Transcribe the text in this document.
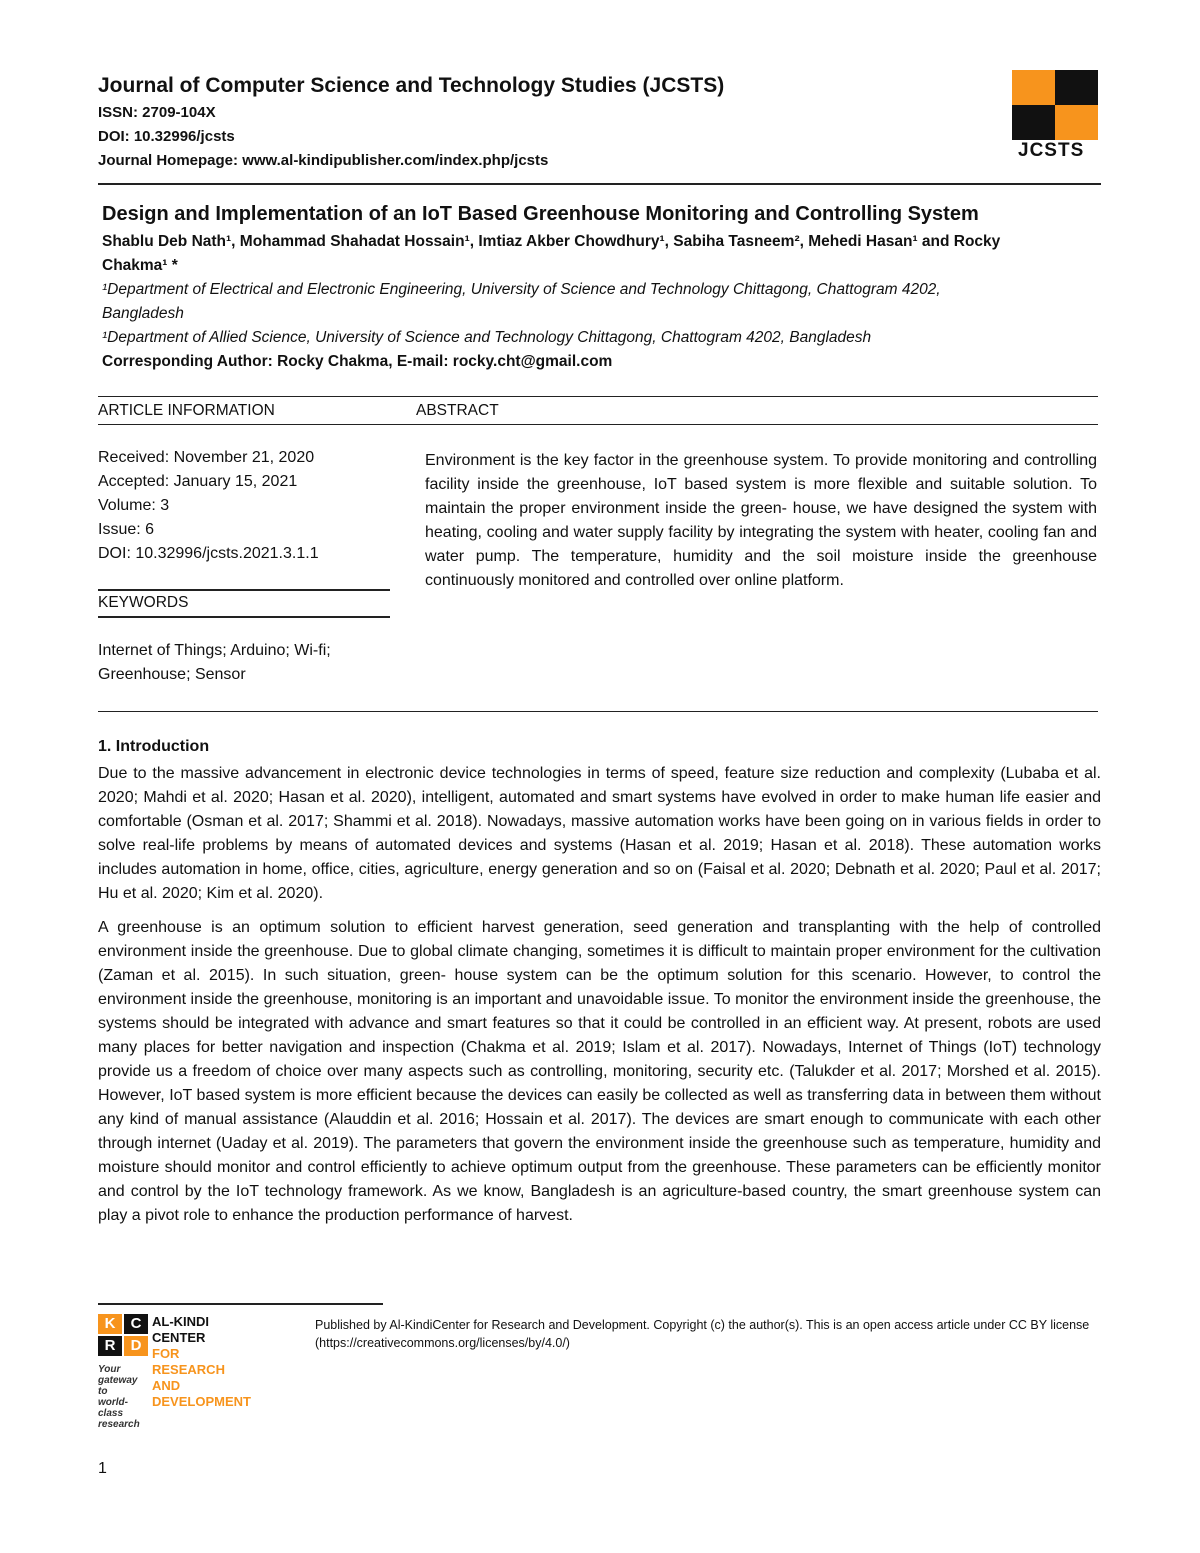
Journal of Computer Science and Technology Studies (JCSTS)
ISSN: 2709-104X
DOI: 10.32996/jcsts
Journal Homepage: www.al-kindipublisher.com/index.php/jcsts	JCSTS
Design and Implementation of an IoT Based Greenhouse Monitoring and Controlling System
Shablu Deb Nath¹, Mohammad Shahadat Hossain¹, Imtiaz Akber Chowdhury¹, Sabiha Tasneem², Mehedi Hasan¹ and Rocky
Chakma¹ *
¹Department of Electrical and Electronic Engineering, University of Science and Technology Chittagong, Chattogram 4202,
Bangladesh
¹Department of Allied Science, University of Science and Technology Chittagong, Chattogram 4202, Bangladesh
Corresponding Author: Rocky Chakma, E-mail: rocky.cht@gmail.com
ARTICLE INFORMATION	ABSTRACT
Received: November 21, 2020
Accepted: January 15, 2021
Volume: 3
Issue: 6
DOI: 10.32996/jcsts.2021.3.1.1
KEYWORDS
Internet of Things; Arduino; Wi-fi;
Greenhouse; Sensor
Environment is the key factor in the greenhouse system. To provide monitoring and controlling facility inside the greenhouse, IoT based system is more flexible and suitable solution. To maintain the proper environment inside the green- house, we have designed the system with heating, cooling and water supply facility by integrating the system with heater, cooling fan and water pump. The temperature, humidity and the soil moisture inside the greenhouse continuously monitored and controlled over online platform.
1. Introduction
Due to the massive advancement in electronic device technologies in terms of speed, feature size reduction and complexity (Lubaba et al. 2020; Mahdi et al. 2020; Hasan et al. 2020), intelligent, automated and smart systems have evolved in order to make human life easier and comfortable (Osman et al. 2017; Shammi et al. 2018). Nowadays, massive automation works have been going on in various fields in order to solve real-life problems by means of automated devices and systems (Hasan et al. 2019; Hasan et al. 2018). These automation works includes automation in home, office, cities, agriculture, energy generation and so on (Faisal et al. 2020; Debnath et al. 2020; Paul et al. 2017; Hu et al. 2020; Kim et al. 2020).
A greenhouse is an optimum solution to efficient harvest generation, seed generation and transplanting with the help of controlled environment inside the greenhouse. Due to global climate changing, sometimes it is difficult to maintain proper environment for the cultivation (Zaman et al. 2015). In such situation, green- house system can be the optimum solution for this scenario. However, to control the environment inside the greenhouse, monitoring is an important and unavoidable issue. To monitor the environment inside the greenhouse, the systems should be integrated with advance and smart features so that it could be controlled in an efficient way. At present, robots are used many places for better navigation and inspection (Chakma et al. 2019; Islam et al. 2017). Nowadays, Internet of Things (IoT) technology provide us a freedom of choice over many aspects such as controlling, monitoring, security etc. (Talukder et al. 2017; Morshed et al. 2015). However, IoT based system is more efficient because the devices can easily be collected as well as transferring data in between them without any kind of manual assistance (Alauddin et al. 2016; Hossain et al. 2017). The devices are smart enough to communicate with each other through internet (Uaday et al. 2019). The parameters that govern the environment inside the greenhouse such as temperature, humidity and moisture should monitor and control efficiently to achieve optimum output from the greenhouse. These parameters can be efficiently monitor and control by the IoT technology framework. As we know, Bangladesh is an agriculture-based country, the smart greenhouse system can play a pivot role to enhance the production performance of harvest.
K	C
R	D
AL-KINDI CENTER
FOR RESEARCH AND
DEVELOPMENT
Your gateway to world-class research
Published by Al-KindiCenter for Research and Development. Copyright (c) the author(s). This is an open access article under CC BY license (https://creativecommons.org/licenses/by/4.0/)
1
